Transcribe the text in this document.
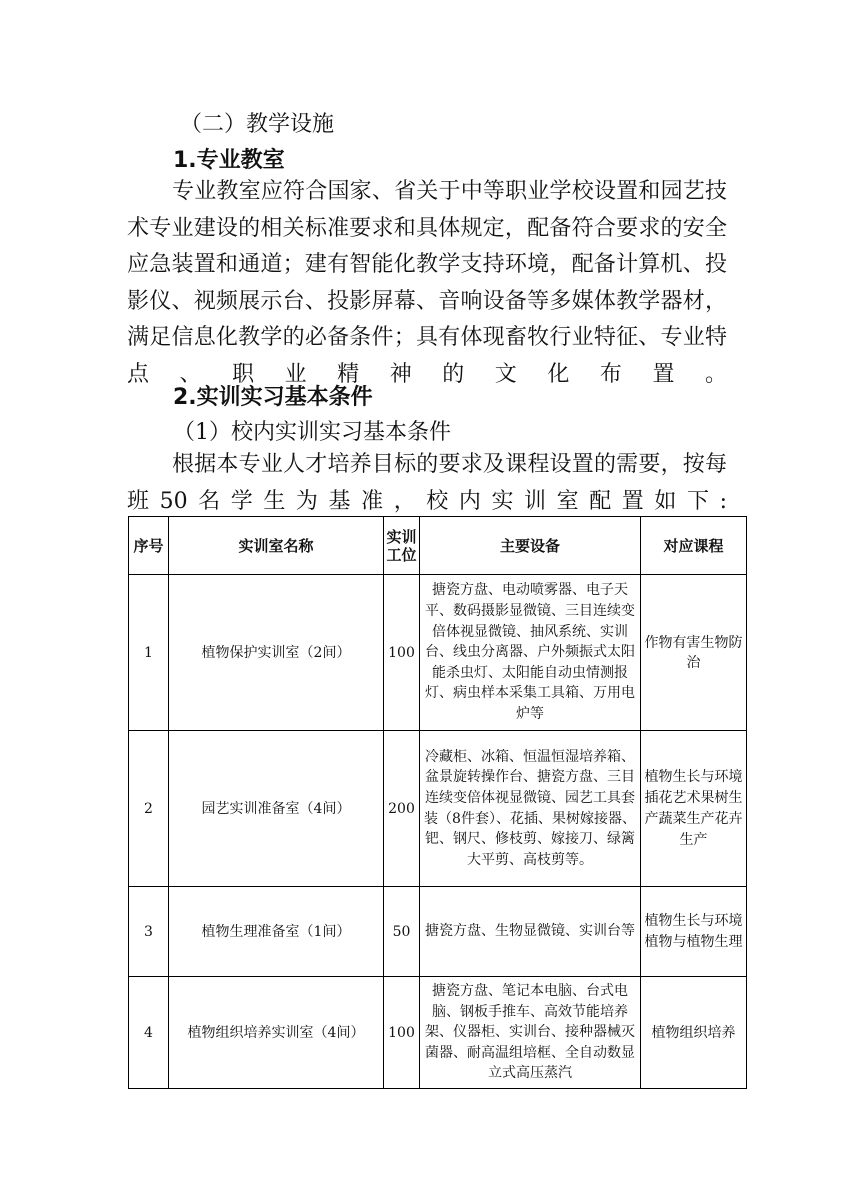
（二）教学设施
1.专业教室
专业教室应符合国家、省关于中等职业学校设置和园艺技术专业建设的相关标准要求和具体规定，配备符合要求的安全应急装置和通道；建有智能化教学支持环境，配备计算机、投影仪、视频展示台、投影屏幕、音响设备等多媒体教学器材，满足信息化教学的必备条件；具有体现畜牧行业特征、专业特点、职业精神的文化布置。
2.实训实习基本条件
（1）校内实训实习基本条件
根据本专业人才培养目标的要求及课程设置的需要，按每班50名学生为基准，校内实训室配置如下:
序号	实训室名称	实训工位	主要设备	对应课程
1	植物保护实训室（2间）	100	搪瓷方盘、电动喷雾器、电子天平、数码摄影显微镜、三目连续变倍体视显微镜、抽风系统、实训台、线虫分离器、户外频振式太阳能杀虫灯、太阳能自动虫情测报灯、病虫样本采集工具箱、万用电炉等	作物有害生物防治
2	园艺实训准备室（4间）	200	冷藏柜、冰箱、恒温恒湿培养箱、盆景旋转操作台、搪瓷方盘、三目连续变倍体视显微镜、园艺工具套装（8件套）、花插、果树嫁接器、钯、钢尺、修枝剪、嫁接刀、绿篱大平剪、高枝剪等。	植物生长与环境插花艺术果树生产蔬菜生产花卉生产
3	植物生理准备室（1间）	50	搪瓷方盘、生物显微镜、实训台等	植物生长与环境植物与植物生理
4	植物组织培养实训室（4间）	100	搪瓷方盘、笔记本电脑、台式电脑、钢板手推车、高效节能培养架、仪器柜、实训台、接种器械灭菌器、耐高温组培框、全自动数显立式高压蒸汽	植物组织培养
